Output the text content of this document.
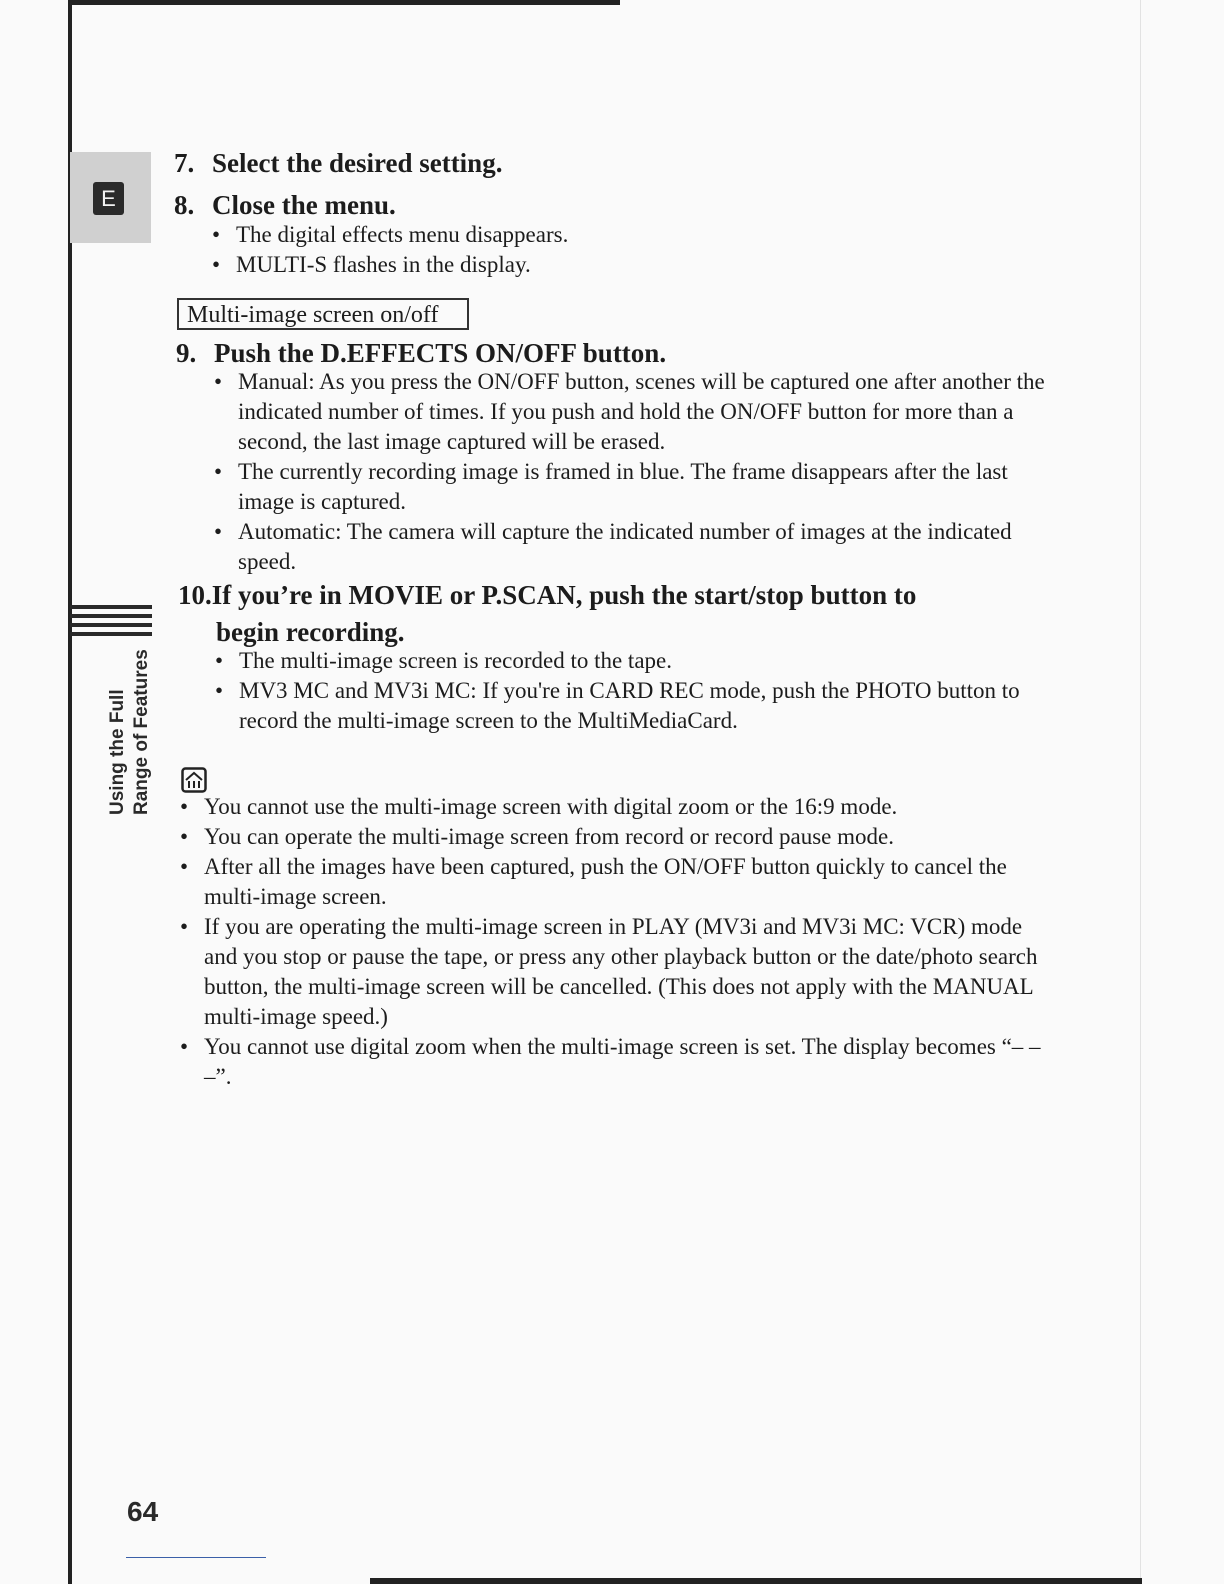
E
Using the Full Range of Features
7. Select the desired setting.
8. Close the menu.
• The digital effects menu disappears.
• MULTI-S flashes in the display.
Multi-image screen on/off
9. Push the D.EFFECTS ON/OFF button.
• Manual: As you press the ON/OFF button, scenes will be captured one after another the indicated number of times. If you push and hold the ON/OFF button for more than a second, the last image captured will be erased.
• The currently recording image is framed in blue. The frame disappears after the last image is captured.
• Automatic: The camera will capture the indicated number of images at the indicated speed.
10.If you’re in MOVIE or P.SCAN, push the start/stop button to
begin recording.
• The multi-image screen is recorded to the tape.
• MV3 MC and MV3i MC: If you're in CARD REC mode, push the PHOTO button to record the multi-image screen to the MultiMediaCard.
• You cannot use the multi-image screen with digital zoom or the 16:9 mode.
• You can operate the multi-image screen from record or record pause mode.
• After all the images have been captured, push the ON/OFF button quickly to cancel the multi-image screen.
• If you are operating the multi-image screen in PLAY (MV3i and MV3i MC: VCR) mode and you stop or pause the tape, or press any other playback button or the date/photo search button, the multi-image screen will be cancelled. (This does not apply with the MANUAL multi-image speed.)
• You cannot use digital zoom when the multi-image screen is set. The display becomes “– – –”.
64
